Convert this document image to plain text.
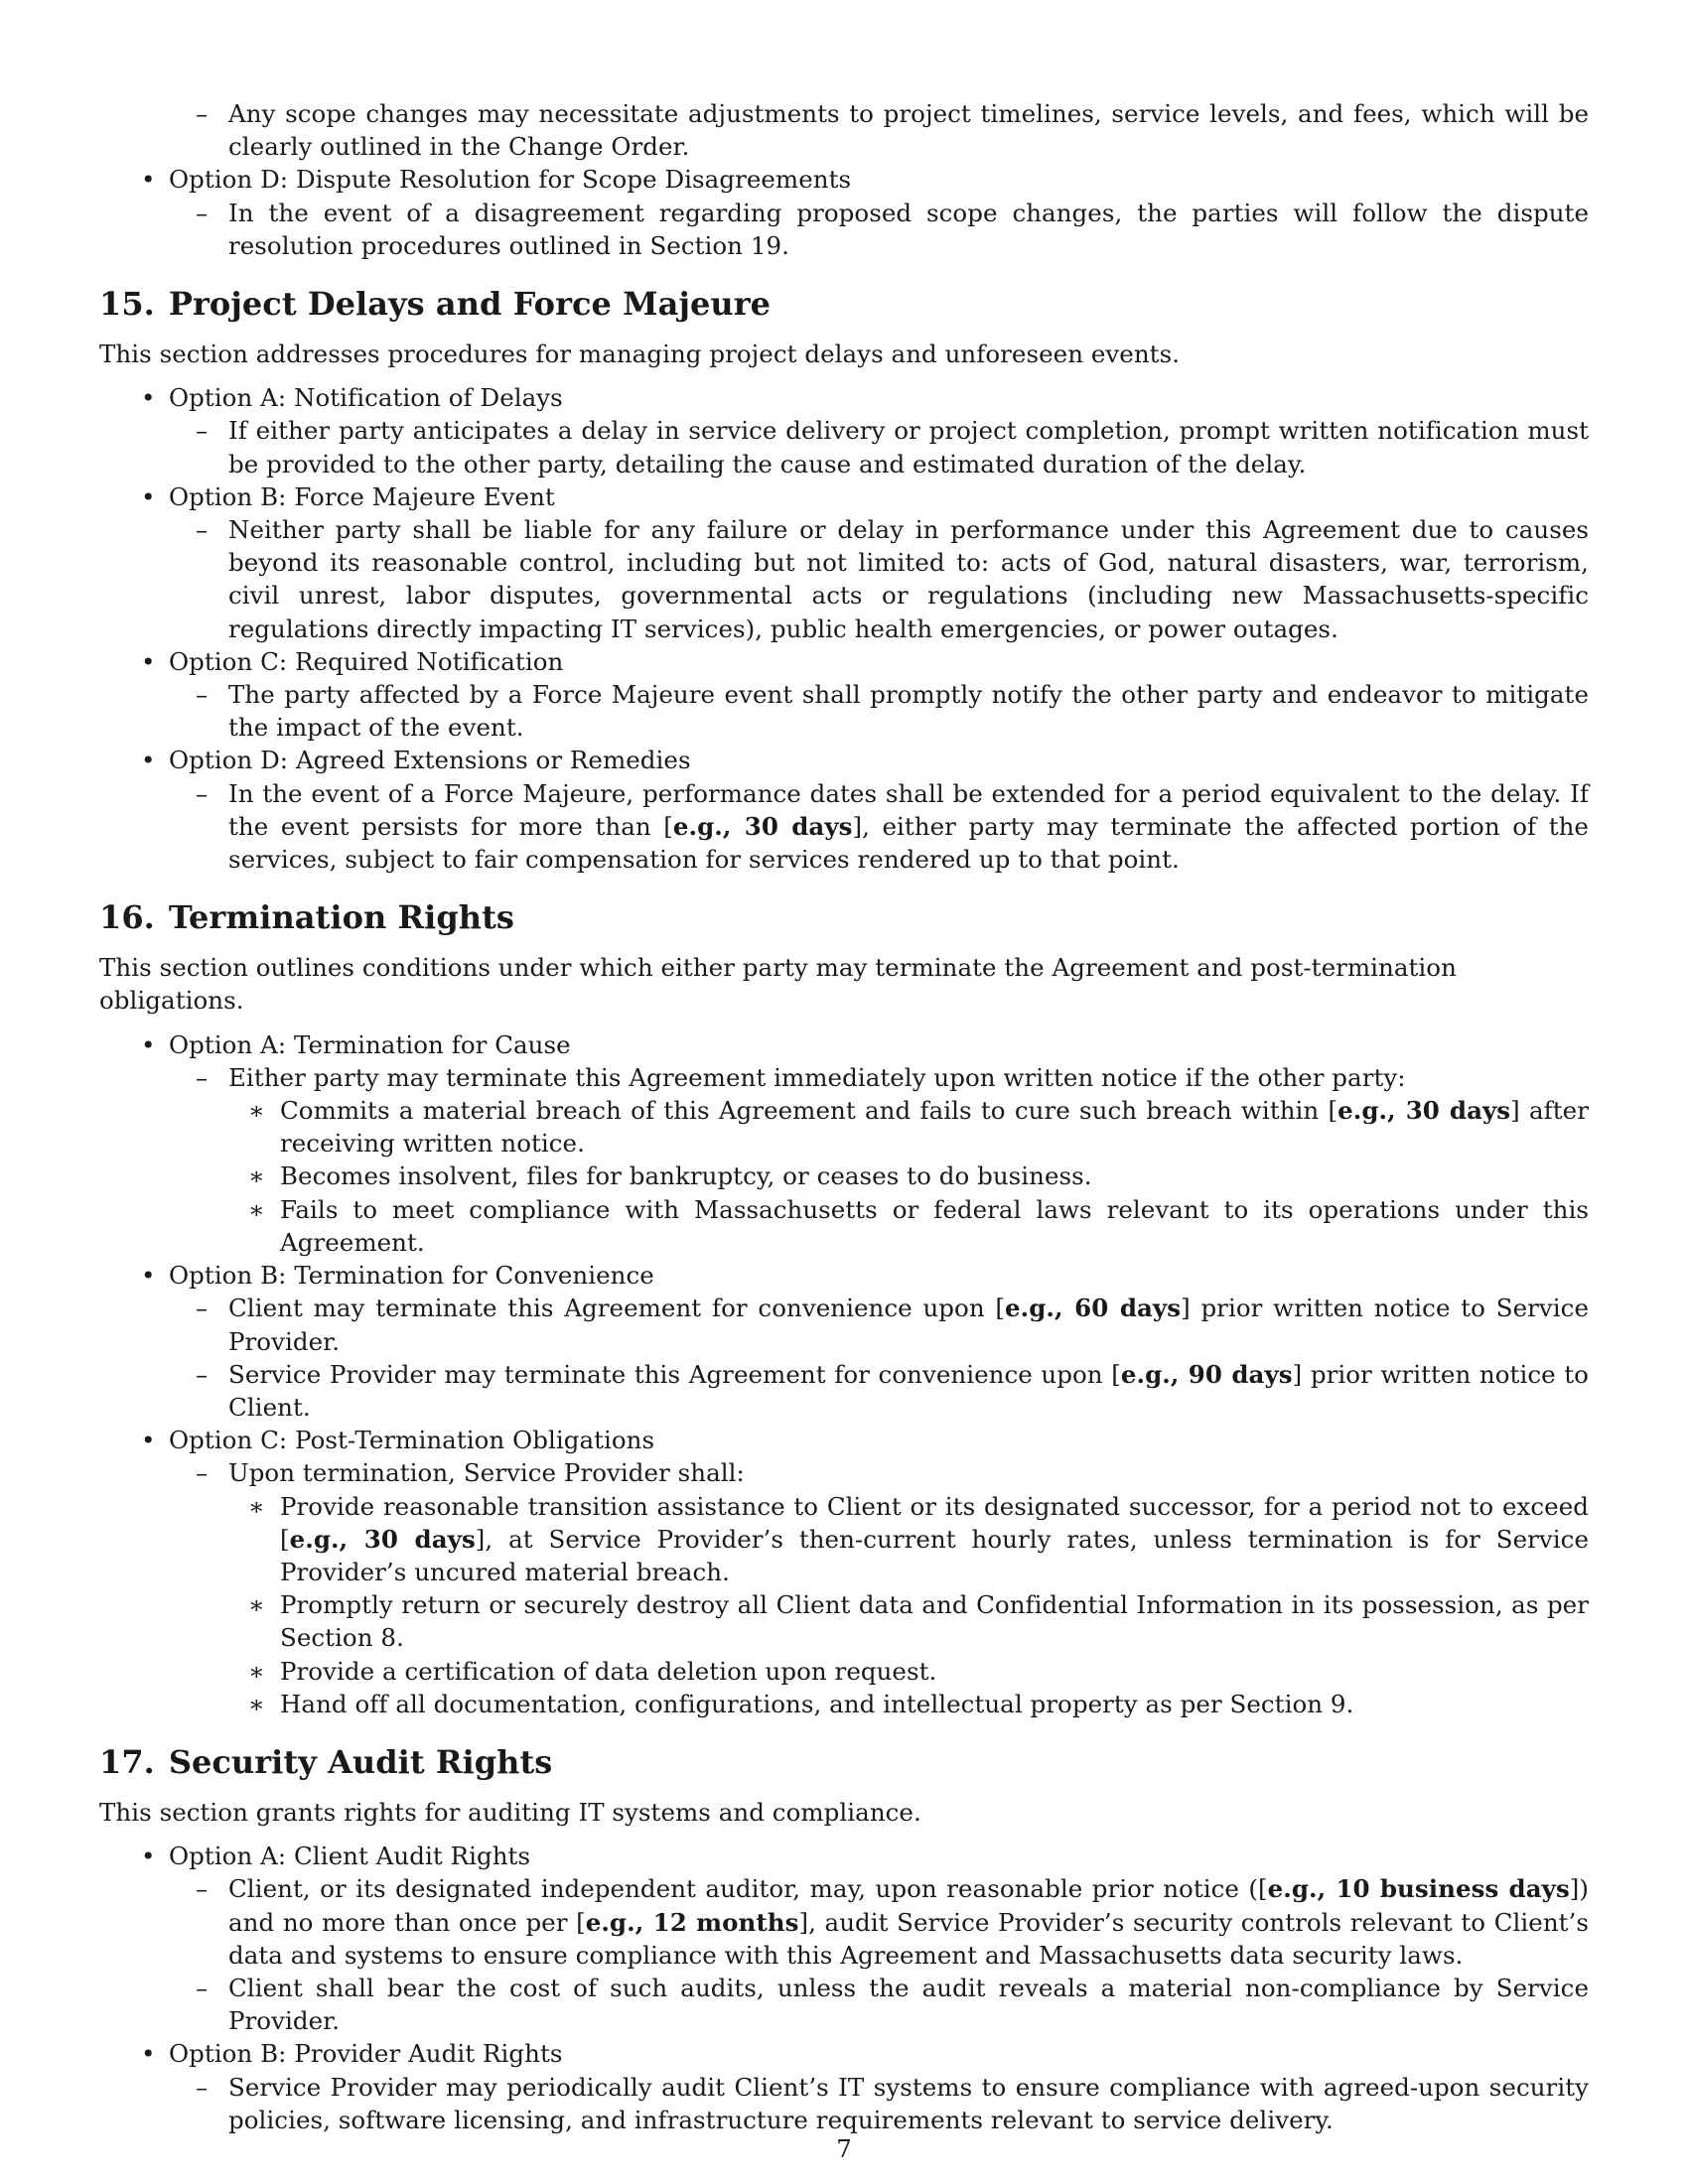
– Any scope changes may necessitate adjustments to project timelines, service levels, and fees, which will be clearly outlined in the Change Order.
• Option D: Dispute Resolution for Scope Disagreements
– In the event of a disagreement regarding proposed scope changes, the parties will follow the dispute resolution procedures outlined in Section 19.
15. Project Delays and Force Majeure
This section addresses procedures for managing project delays and unforeseen events.
• Option A: Notification of Delays
– If either party anticipates a delay in service delivery or project completion, prompt written notification must be provided to the other party, detailing the cause and estimated duration of the delay.
• Option B: Force Majeure Event
– Neither party shall be liable for any failure or delay in performance under this Agreement due to causes beyond its reasonable control, including but not limited to: acts of God, natural disasters, war, terrorism, civil unrest, labor disputes, governmental acts or regulations (including new Massachusetts-specific regulations directly impacting IT services), public health emergencies, or power outages.
• Option C: Required Notification
– The party affected by a Force Majeure event shall promptly notify the other party and endeavor to mitigate the impact of the event.
• Option D: Agreed Extensions or Remedies
– In the event of a Force Majeure, performance dates shall be extended for a period equivalent to the delay. If the event persists for more than [e.g., 30 days], either party may terminate the affected portion of the services, subject to fair compensation for services rendered up to that point.
16. Termination Rights
This section outlines conditions under which either party may terminate the Agreement and post-termination obligations.
• Option A: Termination for Cause
– Either party may terminate this Agreement immediately upon written notice if the other party:
∗ Commits a material breach of this Agreement and fails to cure such breach within [e.g., 30 days] after receiving written notice.
∗ Becomes insolvent, files for bankruptcy, or ceases to do business.
∗ Fails to meet compliance with Massachusetts or federal laws relevant to its operations under this Agreement.
• Option B: Termination for Convenience
– Client may terminate this Agreement for convenience upon [e.g., 60 days] prior written notice to Service Provider.
– Service Provider may terminate this Agreement for convenience upon [e.g., 90 days] prior written notice to Client.
• Option C: Post-Termination Obligations
– Upon termination, Service Provider shall:
∗ Provide reasonable transition assistance to Client or its designated successor, for a period not to exceed [e.g., 30 days], at Service Provider’s then-current hourly rates, unless termination is for Service Provider’s uncured material breach.
∗ Promptly return or securely destroy all Client data and Confidential Information in its possession, as per Section 8.
∗ Provide a certification of data deletion upon request.
∗ Hand off all documentation, configurations, and intellectual property as per Section 9.
17. Security Audit Rights
This section grants rights for auditing IT systems and compliance.
• Option A: Client Audit Rights
– Client, or its designated independent auditor, may, upon reasonable prior notice ([e.g., 10 business days]) and no more than once per [e.g., 12 months], audit Service Provider’s security controls relevant to Client’s data and systems to ensure compliance with this Agreement and Massachusetts data security laws.
– Client shall bear the cost of such audits, unless the audit reveals a material non-compliance by Service Provider.
• Option B: Provider Audit Rights
– Service Provider may periodically audit Client’s IT systems to ensure compliance with agreed-upon security policies, software licensing, and infrastructure requirements relevant to service delivery.
7
